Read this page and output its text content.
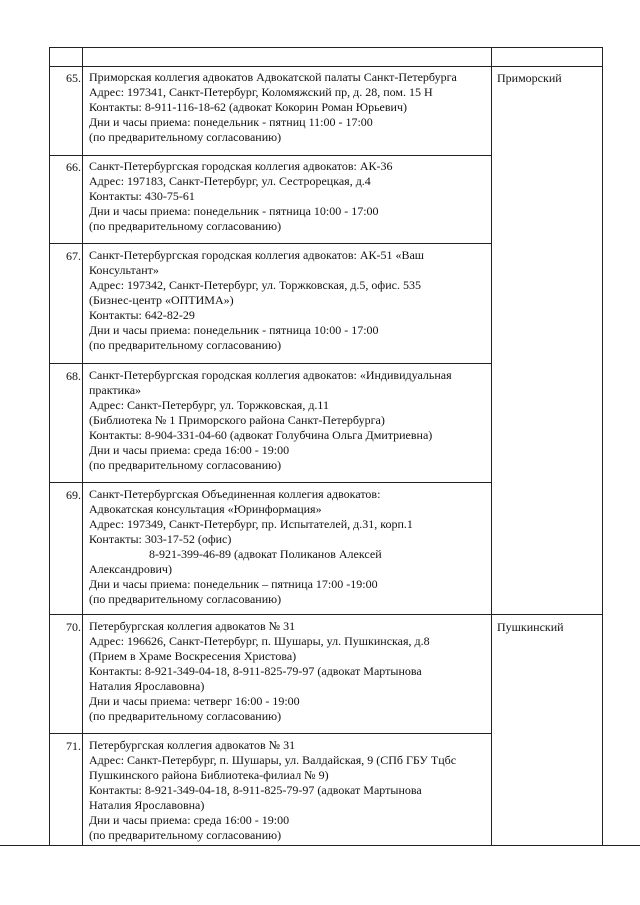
Приморский
Пушкинский
65. Приморская коллегия адвокатов Адвокатской палаты Санкт-Петербурга
Адрес: 197341, Санкт-Петербург, Коломяжский пр, д. 28, пом. 15 Н
Контакты: 8-911-116-18-62 (адвокат Кокорин Роман Юрьевич)
Дни и часы приема: понедельник - пятниц 11:00 - 17:00
(по предварительному согласованию)
66. Санкт-Петербургская городская коллегия адвокатов: АК-36
Адрес: 197183, Санкт-Петербург, ул. Сестрорецкая, д.4
Контакты: 430-75-61
Дни и часы приема: понедельник - пятница 10:00 - 17:00
(по предварительному согласованию)
67. Санкт-Петербургская городская коллегия адвокатов: АК-51 «Ваш
Консультант»
Адрес: 197342, Санкт-Петербург, ул. Торжковская, д.5, офис. 535
(Бизнес-центр «ОПТИМА»)
Контакты: 642-82-29
Дни и часы приема: понедельник - пятница 10:00 - 17:00
(по предварительному согласованию)
68. Санкт-Петербургская городская коллегия адвокатов: «Индивидуальная
практика»
Адрес: Санкт-Петербург, ул. Торжковская, д.11
(Библиотека № 1 Приморского района Санкт-Петербурга)
Контакты: 8-904-331-04-60 (адвокат Голубчина Ольга Дмитриевна)
Дни и часы приема: среда 16:00 - 19:00
(по предварительному согласованию)
69. Санкт-Петербургская Объединенная коллегия адвокатов:
Адвокатская консультация «Юринформация»
Адрес: 197349, Санкт-Петербург, пр. Испытателей, д.31, корп.1
Контакты: 303-17-52 (офис)
8-921-399-46-89 (адвокат Поликанов Алексей
Александрович)
Дни и часы приема: понедельник – пятница 17:00 -19:00
(по предварительному согласованию)
70. Петербургская коллегия адвокатов № 31
Адрес: 196626, Санкт-Петербург, п. Шушары, ул. Пушкинская, д.8
(Прием в Храме Воскресения Христова)
Контакты: 8-921-349-04-18, 8-911-825-79-97 (адвокат Мартынова
Наталия Ярославовна)
Дни и часы приема: четверг 16:00 - 19:00
(по предварительному согласованию)
71. Петербургская коллегия адвокатов № 31
Адрес: Санкт-Петербург, п. Шушары, ул. Валдайская, 9 (СПб ГБУ Тцбс
Пушкинского района Библиотека-филиал № 9)
Контакты: 8-921-349-04-18, 8-911-825-79-97 (адвокат Мартынова
Наталия Ярославовна)
Дни и часы приема: среда 16:00 - 19:00
(по предварительному согласованию)
